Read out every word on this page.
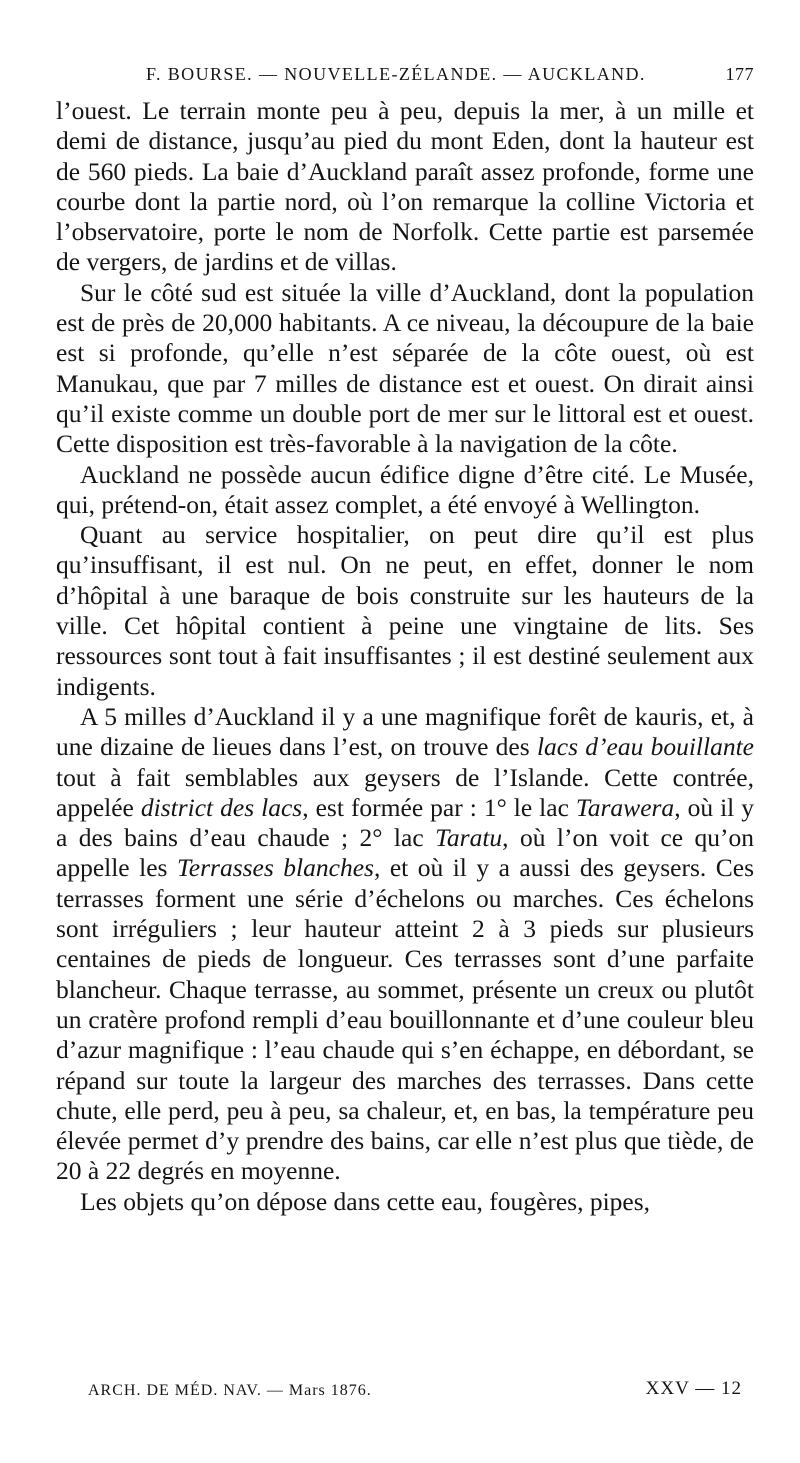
F. BOURSE. — NOUVELLE-ZÉLANDE. — AUCKLAND.	177

l’ouest. Le terrain monte peu à peu, depuis la mer, à un mille et demi de distance, jusqu’au pied du mont Eden, dont la hauteur est de 560 pieds. La baie d’Auckland paraît assez profonde, forme une courbe dont la partie nord, où l’on remarque la colline Victoria et l’observatoire, porte le nom de Norfolk. Cette partie est parsemée de vergers, de jardins et de villas.

Sur le côté sud est située la ville d’Auckland, dont la population est de près de 20,000 habitants. A ce niveau, la découpure de la baie est si profonde, qu’elle n’est séparée de la côte ouest, où est Manukau, que par 7 milles de distance est et ouest. On dirait ainsi qu’il existe comme un double port de mer sur le littoral est et ouest. Cette disposition est très-favorable à la navigation de la côte.

Auckland ne possède aucun édifice digne d’être cité. Le Musée, qui, prétend-on, était assez complet, a été envoyé à Wellington.

Quant au service hospitalier, on peut dire qu’il est plus qu’insuffisant, il est nul. On ne peut, en effet, donner le nom d’hôpital à une baraque de bois construite sur les hauteurs de la ville. Cet hôpital contient à peine une vingtaine de lits. Ses ressources sont tout à fait insuffisantes ; il est destiné seulement aux indigents.

A 5 milles d’Auckland il y a une magnifique forêt de kauris, et, à une dizaine de lieues dans l’est, on trouve des lacs d’eau bouillante tout à fait semblables aux geysers de l’Islande. Cette contrée, appelée district des lacs, est formée par : 1° le lac Tarawera, où il y a des bains d’eau chaude ; 2° lac Taratu, où l’on voit ce qu’on appelle les Terrasses blanches, et où il y a aussi des geysers. Ces terrasses forment une série d’échelons ou marches. Ces échelons sont irréguliers ; leur hauteur atteint 2 à 3 pieds sur plusieurs centaines de pieds de longueur. Ces terrasses sont d’une parfaite blancheur. Chaque terrasse, au sommet, présente un creux ou plutôt un cratère profond rempli d’eau bouillonnante et d’une couleur bleu d’azur magnifique : l’eau chaude qui s’en échappe, en débordant, se répand sur toute la largeur des marches des terrasses. Dans cette chute, elle perd, peu à peu, sa chaleur, et, en bas, la température peu élevée permet d’y prendre des bains, car elle n’est plus que tiède, de 20 à 22 degrés en moyenne.

Les objets qu’on dépose dans cette eau, fougères, pipes,

ARCH. DE MÉD. NAV. — Mars 1876.	XXV — 12
